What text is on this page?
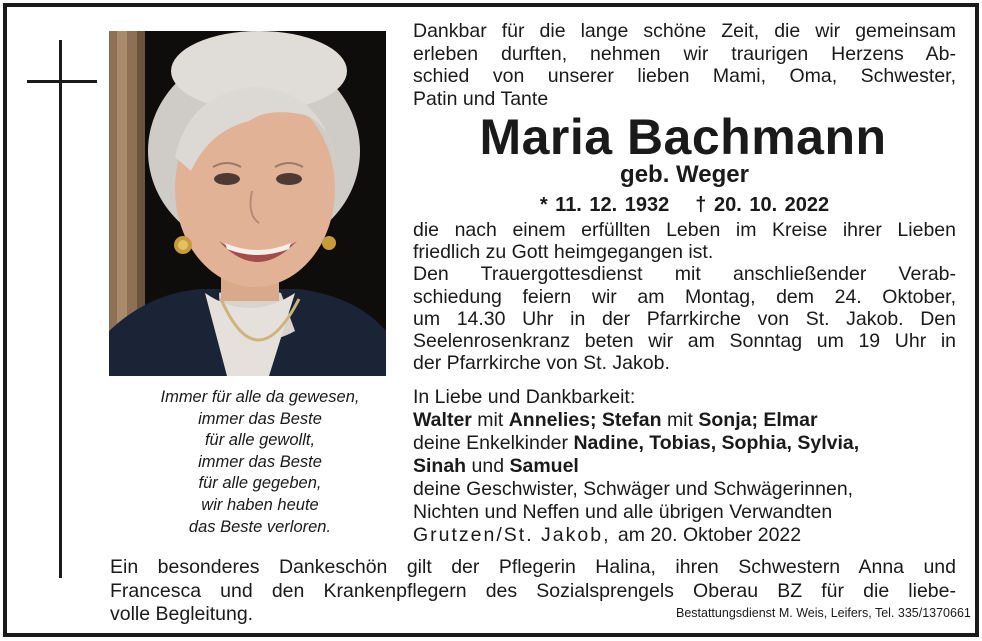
Immer für alle da gewesen,
immer das Beste
für alle gewollt,
immer das Beste
für alle gegeben,
wir haben heute
das Beste verloren.
Dankbar für die lange schöne Zeit, die wir gemeinsam
erleben durften, nehmen wir traurigen Herzens Ab-
schied von unserer lieben Mami, Oma, Schwester,
Patin und Tante
Maria Bachmann
geb. Weger
* 11. 12. 1932 † 20. 10. 2022
die nach einem erfüllten Leben im Kreise ihrer Lieben
friedlich zu Gott heimgegangen ist.
Den Trauergottesdienst mit anschließender Verab-
schiedung feiern wir am Montag, dem 24. Oktober,
um 14.30 Uhr in der Pfarrkirche von St. Jakob. Den
Seelenrosenkranz beten wir am Sonntag um 19 Uhr in
der Pfarrkirche von St. Jakob.
In Liebe und Dankbarkeit:
Walter mit Annelies; Stefan mit Sonja; Elmar
deine Enkelkinder Nadine, Tobias, Sophia, Sylvia,
Sinah und Samuel
deine Geschwister, Schwäger und Schwägerinnen,
Nichten und Neffen und alle übrigen Verwandten
Grutzen/St. Jakob, am 20. Oktober 2022
Ein besonderes Dankeschön gilt der Pflegerin Halina, ihren Schwestern Anna und
Francesca und den Krankenpflegern des Sozialsprengels Oberau BZ für die liebe-
volle Begleitung.	Bestattungsdienst M. Weis, Leifers, Tel. 335/1370661
